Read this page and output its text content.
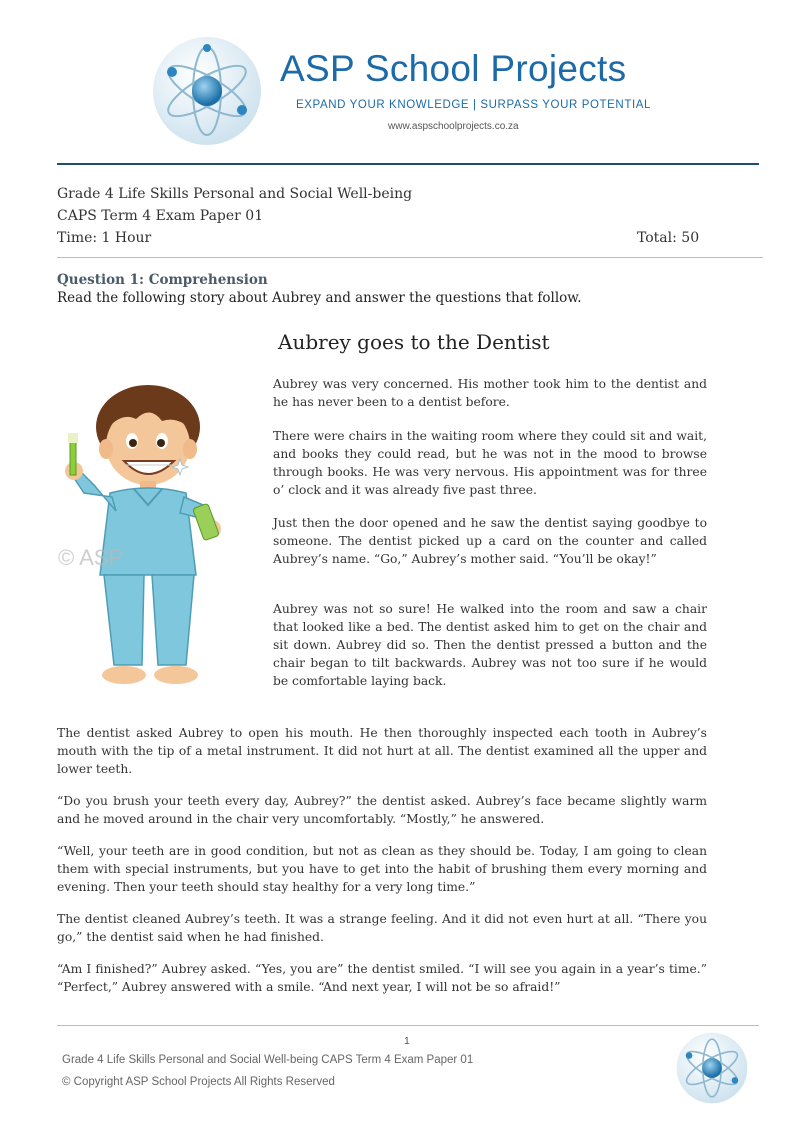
ASP School Projects
EXPAND YOUR KNOWLEDGE | SURPASS YOUR POTENTIAL
www.aspschoolprojects.co.za
Grade 4 Life Skills Personal and Social Well-being
CAPS Term 4 Exam Paper 01
Time: 1 Hour	Total: 50
Question 1: Comprehension
Read the following story about Aubrey and answer the questions that follow.
Aubrey goes to the Dentist
© ASP
Aubrey was very concerned. His mother took him to the dentist and he has never been to a dentist before.
There were chairs in the waiting room where they could sit and wait, and books they could read, but he was not in the mood to browse through books. He was very nervous. His appointment was for three o’ clock and it was already five past three.
Just then the door opened and he saw the dentist saying goodbye to someone. The dentist picked up a card on the counter and called Aubrey’s name. “Go,” Aubrey’s mother said. “You’ll be okay!”
Aubrey was not so sure! He walked into the room and saw a chair that looked like a bed. The dentist asked him to get on the chair and sit down. Aubrey did so. Then the dentist pressed a button and the chair began to tilt backwards. Aubrey was not too sure if he would be comfortable laying back.
The dentist asked Aubrey to open his mouth. He then thoroughly inspected each tooth in Aubrey’s mouth with the tip of a metal instrument. It did not hurt at all. The dentist examined all the upper and lower teeth.
“Do you brush your teeth every day, Aubrey?” the dentist asked. Aubrey’s face became slightly warm and he moved around in the chair very uncomfortably. “Mostly,” he answered.
“Well, your teeth are in good condition, but not as clean as they should be. Today, I am going to clean them with special instruments, but you have to get into the habit of brushing them every morning and evening. Then your teeth should stay healthy for a very long time.”
The dentist cleaned Aubrey’s teeth. It was a strange feeling. And it did not even hurt at all. “There you go,” the dentist said when he had finished.
“Am I finished?” Aubrey asked. “Yes, you are” the dentist smiled. “I will see you again in a year’s time.” “Perfect,” Aubrey answered with a smile. “And next year, I will not be so afraid!”
1
Grade 4 Life Skills Personal and Social Well-being CAPS Term 4 Exam Paper 01
© Copyright ASP School Projects All Rights Reserved
